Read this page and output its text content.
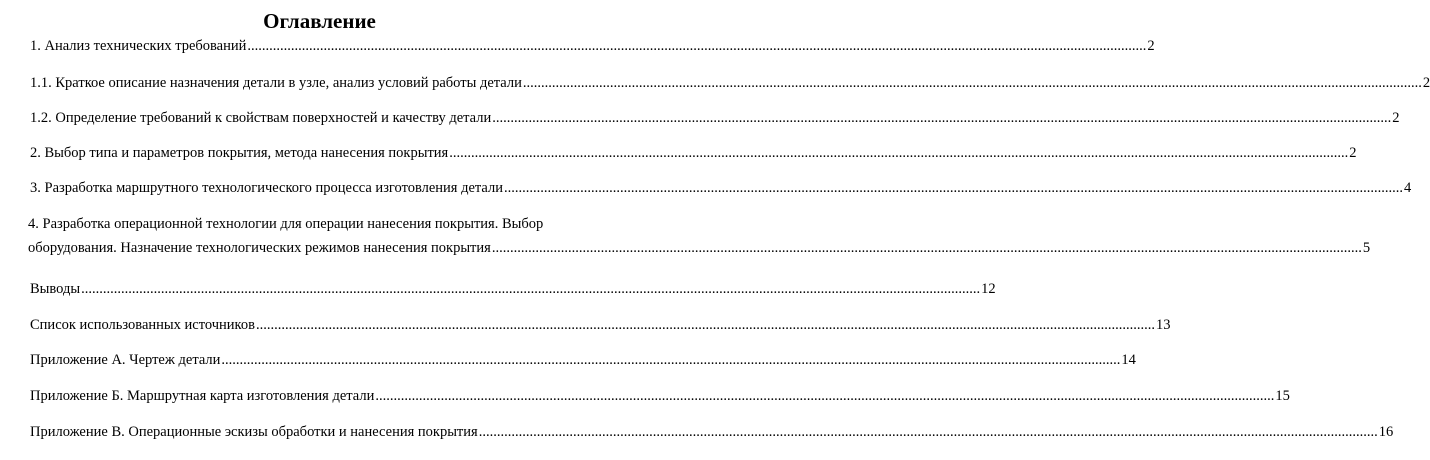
Оглавление
1. Анализ технических требований .....	2
1.1. Краткое описание назначения детали в узле, анализ условий работы детали .....	2
1.2. Определение требований к свойствам поверхностей и качеству детали .....	2
2. Выбор типа и параметров покрытия, метода нанесения покрытия .....	2
3. Разработка маршрутного технологического процесса изготовления детали .....	4
4. Разработка операционной технологии для операции нанесения покрытия. Выбор
оборудования. Назначение технологических режимов нанесения покрытия ................................................................................................................................................................................................................................................ 5
Выводы .....	12
Список использованных источников .....	13
Приложение А. Чертеж детали .....	14
Приложение Б. Маршрутная карта изготовления детали .....	15
Приложение В. Операционные эскизы обработки и нанесения покрытия .....	16
